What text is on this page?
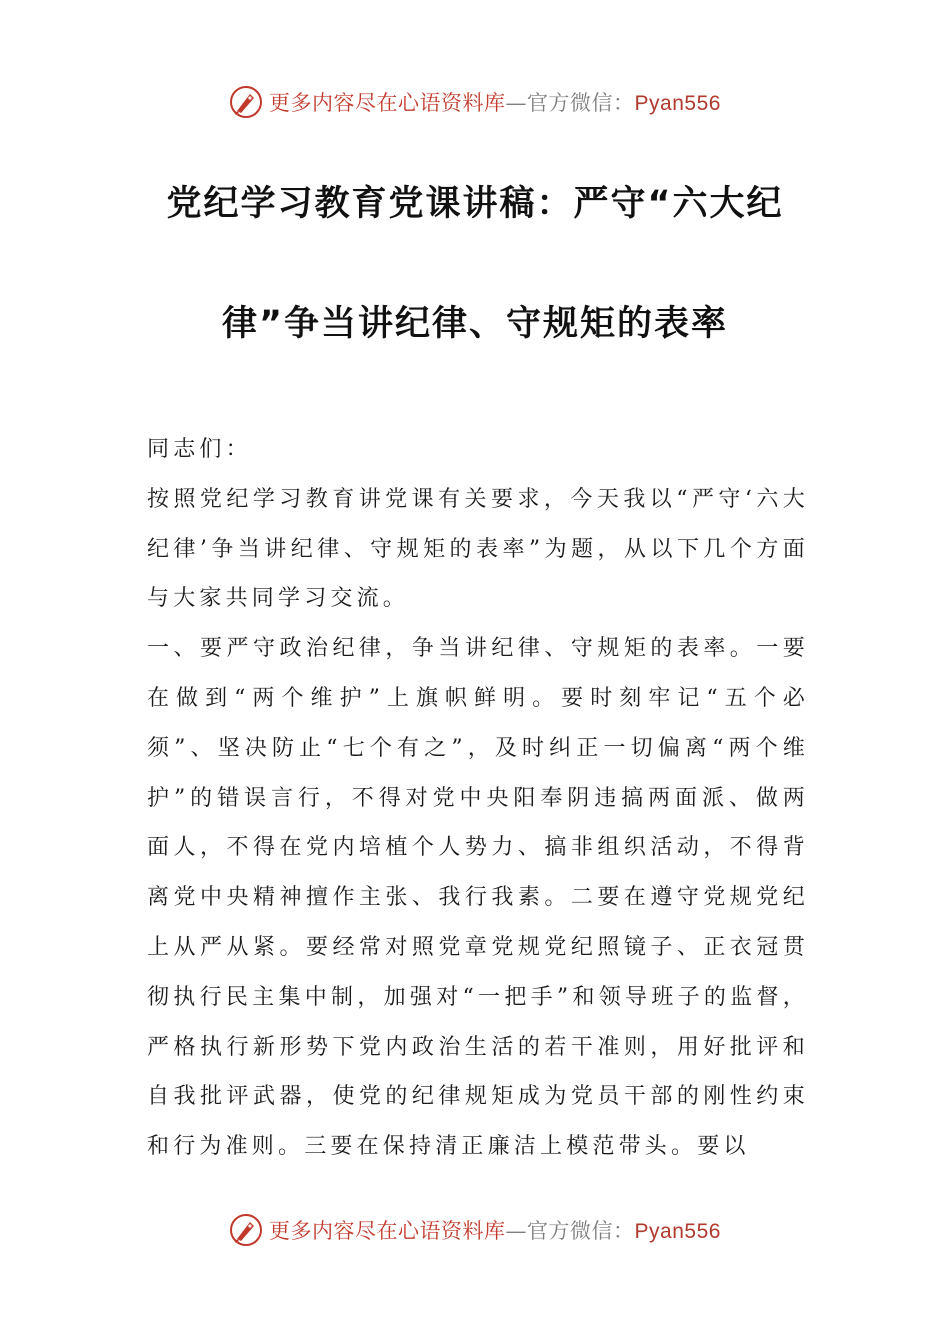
更多内容尽在心语资料库—官方微信：Pyan556
党纪学习教育党课讲稿：严守“六大纪
律”争当讲纪律、守规矩的表率

同志们：

按照党纪学习教育讲党课有关要求，今天我以“严守‘六大纪律’争当讲纪律、守规矩的表率”为题，从以下几个方面与大家共同学习交流。

一、要严守政治纪律，争当讲纪律、守规矩的表率。一要在做到“两个维护”上旗帜鲜明。要时刻牢记“五个必须”、坚决防止“七个有之”，及时纠正一切偏离“两个维护”的错误言行，不得对党中央阳奉阴违搞两面派、做两面人，不得在党内培植个人势力、搞非组织活动，不得背离党中央精神擅作主张、我行我素。二要在遵守党规党纪上从严从紧。要经常对照党章党规党纪照镜子、正衣冠贯彻执行民主集中制，加强对“一把手”和领导班子的监督，严格执行新形势下党内政治生活的若干准则，用好批评和自我批评武器，使党的纪律规矩成为党员干部的刚性约束和行为准则。三要在保持清正廉洁上模范带头。要以

更多内容尽在心语资料库—官方微信：Pyan556
